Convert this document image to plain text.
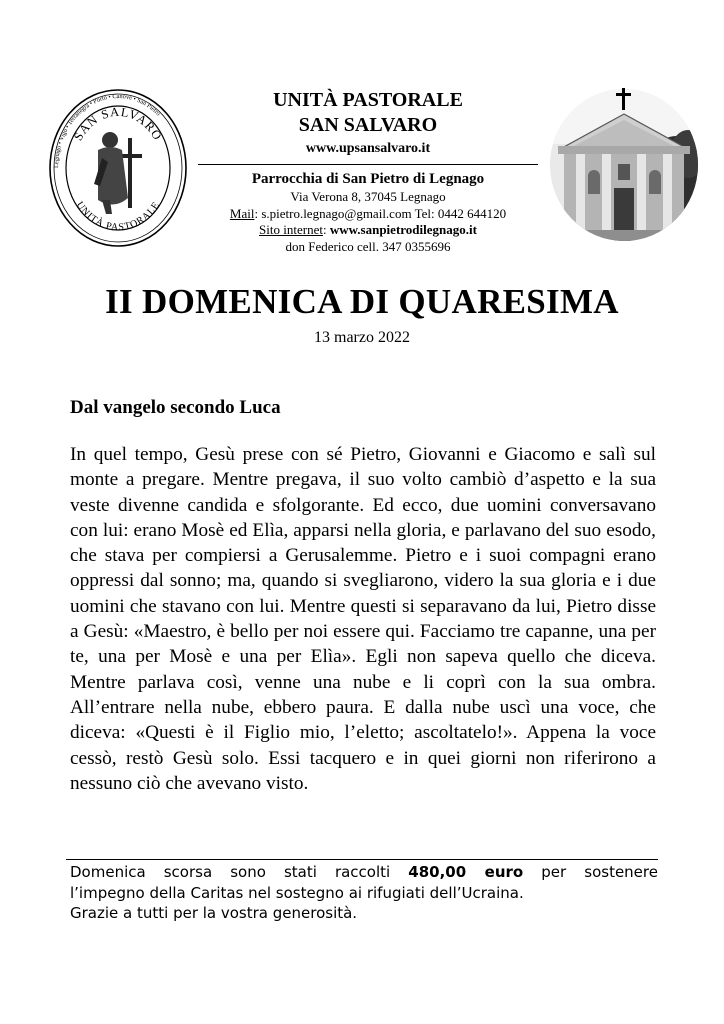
Legnago • Vigo • Terranegra • Porto • Canove • San Pietro
SAN SALVARO
UNITÀ PASTORALE
UNITÀ PASTORALE
SAN SALVARO
www.upsansalvaro.it
Parrocchia di San Pietro di Legnago
Via Verona 8, 37045 Legnago
Mail: s.pietro.legnago@gmail.com Tel: 0442 644120
Sito internet: www.sanpietrodilegnago.it
don Federico cell. 347 0355696
II DOMENICA DI QUARESIMA
13 marzo 2022
Dal vangelo secondo Luca

In quel tempo, Gesù prese con sé Pietro, Giovanni e Giacomo e salì sul monte a pregare. Mentre pregava, il suo volto cambiò d’aspetto e la sua veste divenne candida e sfolgorante. Ed ecco, due uomini conversavano con lui: erano Mosè ed Elìa, apparsi nella gloria, e parlavano del suo esodo, che stava per compiersi a Gerusalemme. Pietro e i suoi compagni erano oppressi dal sonno; ma, quando si svegliarono, videro la sua gloria e i due uomini che stavano con lui. Mentre questi si separavano da lui, Pietro disse a Gesù: «Maestro, è bello per noi essere qui. Facciamo tre capanne, una per te, una per Mosè e una per Elìa». Egli non sapeva quello che diceva. Mentre parlava così, venne una nube e li coprì con la sua ombra. All’entrare nella nube, ebbero paura. E dalla nube uscì una voce, che diceva: «Questi è il Figlio mio, l’eletto; ascoltatelo!». Appena la voce cessò, restò Gesù solo. Essi tacquero e in quei giorni non riferirono a nessuno ciò che avevano visto.

Domenica scorsa sono stati raccolti 480,00 euro per sostenere

l’impegno della Caritas nel sostegno ai rifugiati dell’Ucraina.

Grazie a tutti per la vostra generosità.
